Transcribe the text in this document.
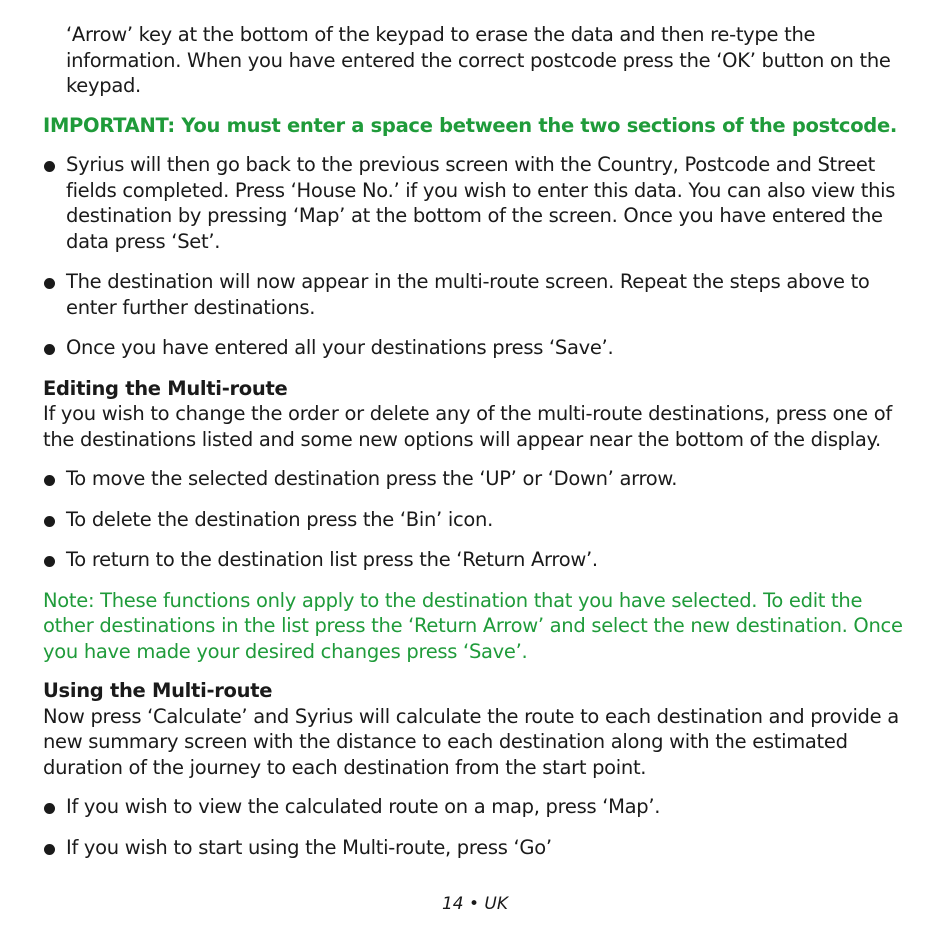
‘Arrow’ key at the bottom of the keypad to erase the data and then re-type the information. When you have entered the correct postcode press the ‘OK’ button on the keypad.

IMPORTANT: You must enter a space between the two sections of the postcode.

Syrius will then go back to the previous screen with the Country, Postcode and Street fields completed. Press ‘House No.’ if you wish to enter this data. You can also view this destination by pressing ‘Map’ at the bottom of the screen. Once you have entered the data press ‘Set’.
The destination will now appear in the multi-route screen. Repeat the steps above to enter further destinations.
Once you have entered all your destinations press ‘Save’.

Editing the Multi-route

If you wish to change the order or delete any of the multi-route destinations, press one of the destinations listed and some new options will appear near the bottom of the display.

To move the selected destination press the ‘UP’ or ‘Down’ arrow.
To delete the destination press the ‘Bin’ icon.
To return to the destination list press the ‘Return Arrow’.

Note: These functions only apply to the destination that you have selected. To edit the other destinations in the list press the ‘Return Arrow’ and select the new destination. Once you have made your desired changes press ‘Save’.

Using the Multi-route

Now press ‘Calculate’ and Syrius will calculate the route to each destination and provide a new summary screen with the distance to each destination along with the estimated duration of the journey to each destination from the start point.

If you wish to view the calculated route on a map, press ‘Map’.
If you wish to start using the Multi-route, press ‘Go’
14 • UK
